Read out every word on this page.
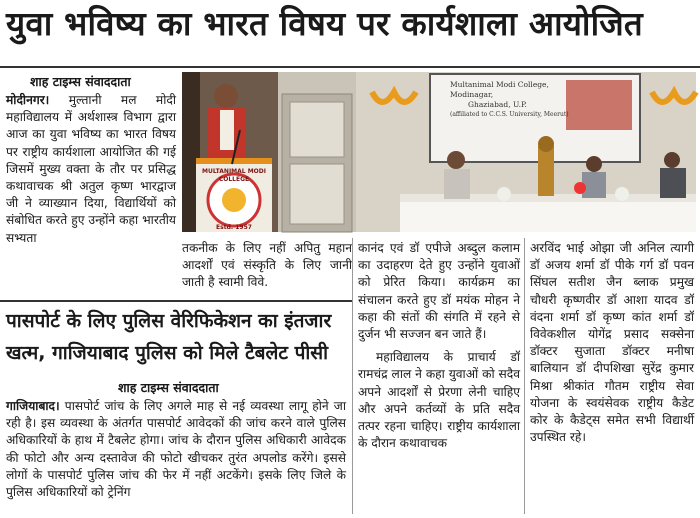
युवा भविष्य का भारत विषय पर कार्यशाला आयोजित
शाह टाइम्स संवाददाता

मोदीनगर। मुल्तानी मल मोदी महाविद्यालय में अर्थशास्त्र विभाग द्वारा आज का युवा भविष्य का भारत विषय पर राष्ट्रीय कार्यशाला आयोजित की गई जिसमें मुख्य वक्ता के तौर पर प्रसिद्ध कथावाचक श्री अतुल कृष्ण भारद्वाज जी ने व्याख्यान दिया, विद्यार्थियों को संबोधित करते हुए उन्होंने कहा भारतीय सभ्यता

Multanimal Modi College, Modinagar,
Ghaziabad, U.P.
(affiliated to C.C.S. University, Meerut)
MULTANIMAL MODI COLLEGE
Estd. 1957

तकनीक के लिए नहीं अपितु महान आदर्शों एवं संस्कृति के लिए जानी जाती है स्वामी विवे.

कानंद एवं डॉ एपीजे अब्दुल कलाम का उदाहरण देते हुए उन्होंने युवाओं को प्रेरित किया। कार्यक्रम का संचालन करते हुए डॉ मयंक मोहन ने कहा की संतों की संगति में रहने से दुर्जन भी सज्जन बन जाते हैं।

महाविद्यालय के प्राचार्य डॉ रामचंद्र लाल ने कहा युवाओं को सदैव अपने आदर्शों से प्रेरणा लेनी चाहिए और अपने कर्तव्यों के प्रति सदैव तत्पर रहना चाहिए। राष्ट्रीय कार्यशाला के दौरान कथावाचक

अरविंद भाई ओझा जी अनिल त्यागी डॉ अजय शर्मा डॉ पीके गर्ग डॉ पवन सिंघल सतीश जैन ब्लाक प्रमुख चौधरी कृष्णवीर डॉ आशा यादव डॉ वंदना शर्मा डॉ कृष्ण कांत शर्मा डॉ विवेकशील योगेंद्र प्रसाद सक्सेना डॉक्टर सुजाता डॉक्टर मनीषा बालियान डॉ दीपशिखा सुरेंद्र कुमार मिश्रा श्रीकांत गौतम राष्ट्रीय सेवा योजना के स्वयंसेवक राष्ट्रीय कैडेट कोर के कैडेट्स समेत सभी विद्यार्थी उपस्थित रहे।

पासपोर्ट के लिए पुलिस वेरिफिकेशन का इंतजार
खत्म, गाजियाबाद पुलिस को मिले टैबलेट पीसी
शाह टाइम्स संवाददाता

गाजियाबाद। पासपोर्ट जांच के लिए अगले माह से नई व्यवस्था लागू होने जा रही है। इस व्यवस्था के अंतर्गत पासपोर्ट आवेदकों की जांच करने वाले पुलिस अधिकारियों के हाथ में टैबलेट होगा। जांच के दौरान पुलिस अधिकारी आवेदक की फोटो और अन्य दस्तावेज की फोटो खीचकर तुरंत अपलोड करेंगे। इससे लोगों के पासपोर्ट पुलिस जांच की फेर में नहीं अटकेंगे। इसके लिए जिले के पुलिस अधिकारियों को ट्रेनिंग
